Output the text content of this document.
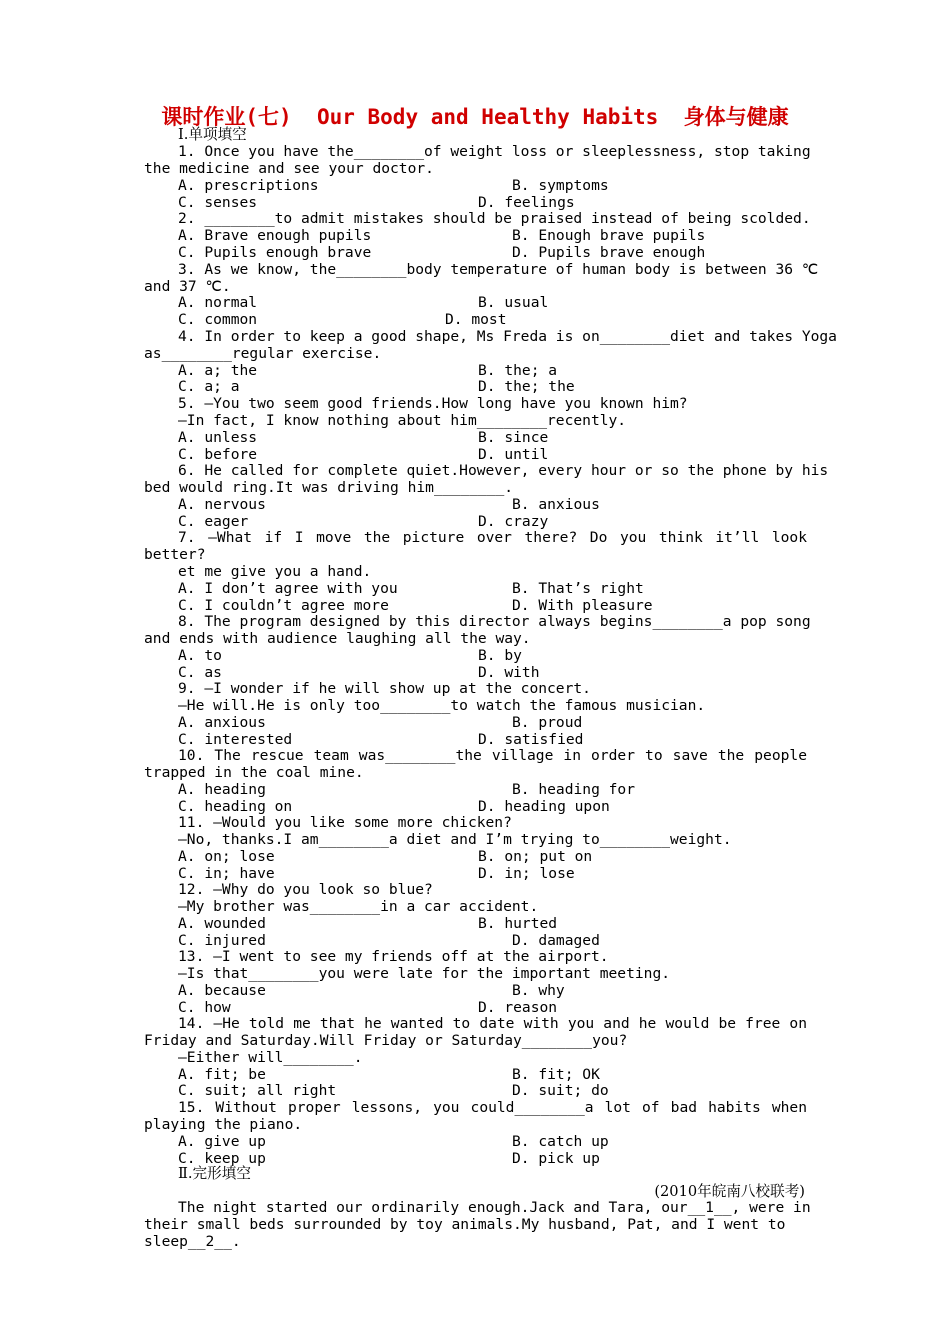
课时作业(七)  Our Body and Healthy Habits  身体与健康
Ⅰ.单项填空
1. Once you have the________of weight loss or sleeplessness, stop taking
the medicine and see your doctor.
A. prescriptions	B. symptoms
C. senses	D. feelings
2. ________to admit mistakes should be praised instead of being scolded.
A. Brave enough pupils	B. Enough brave pupils
C. Pupils enough brave	D. Pupils brave enough
3. As we know, the________body temperature of human body is between 36 ℃
and 37 ℃.
A. normal	B. usual
C. common	D. most
4. In order to keep a good shape, Ms Freda is on________diet and takes Yoga
as________regular exercise.
A. a; the	B. the; a
C. a; a	D. the; the
5. —You two seem good friends.How long have you known him?
—In fact, I know nothing about him________recently.
A. unless	B. since
C. before	D. until
6. He called for complete quiet.However, every hour or so the phone by his
bed would ring.It was driving him________.
A. nervous	B. anxious
C. eager	D. crazy
7. —What if I move the picture over there? Do you think it’ll look
better?
et me give you a hand.
A. I don’t agree with you	B. That’s right
C. I couldn’t agree more	D. With pleasure
8. The program designed by this director always begins________a pop song
and ends with audience laughing all the way.
A. to	B. by
C. as	D. with
9. —I wonder if he will show up at the concert.
—He will.He is only too________to watch the famous musician.
A. anxious	B. proud
C. interested	D. satisfied
10. The rescue team was________the village in order to save the people
trapped in the coal mine.
A. heading	B. heading for
C. heading on	D. heading upon
11. —Would you like some more chicken?
—No, thanks.I am________a diet and I’m trying to________weight.
A. on; lose	B. on; put on
C. in; have	D. in; lose
12. —Why do you look so blue?
—My brother was________in a car accident.
A. wounded	B. hurted
C. injured	D. damaged
13. —I went to see my friends off at the airport.
—Is that________you were late for the important meeting.
A. because	B. why
C. how	D. reason
14. —He told me that he wanted to date with you and he would be free on
Friday and Saturday.Will Friday or Saturday________you?
—Either will________.
A. fit; be	B. fit; OK
C. suit; all right	D. suit; do
15. Without proper lessons, you could________a lot of bad habits when
playing the piano.
A. give up	B. catch up
C. keep up	D. pick up
Ⅱ.完形填空
The night started our ordinarily enough.Jack and Tara, our__1__, were in
their small beds surrounded by toy animals.My husband, Pat, and I went to
sleep__2__.
(2010年皖南八校联考)
